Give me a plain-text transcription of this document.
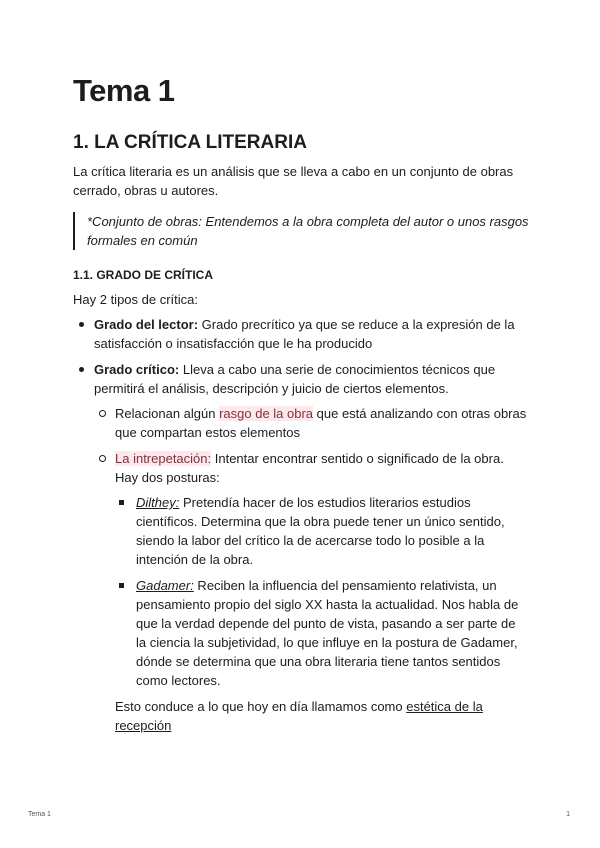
Tema 1
1. LA CRÍTICA LITERARIA

La crítica literaria es un análisis que se lleva a cabo en un conjunto de obras cerrado, obras u autores.

*Conjunto de obras: Entendemos a la obra completa del autor o unos rasgos formales en común

1.1. GRADO DE CRÍTICA

Hay 2 tipos de crítica:

Grado del lector: Grado precrítico ya que se reduce a la expresión de la satisfacción o insatisfacción que le ha producido
Grado crítico: Lleva a cabo una serie de conocimientos técnicos que permitirá el análisis, descripción y juicio de ciertos elementos.
Relacionan algún rasgo de la obra que está analizando con otras obras que compartan estos elementos
La intrepetación: Intentar encontrar sentido o significado de la obra. Hay dos posturas:
Dilthey: Pretendía hacer de los estudios literarios estudios científicos. Determina que la obra puede tener un único sentido, siendo la labor del crítico la de acercarse todo lo posible a la intención de la obra.
Gadamer: Reciben la influencia del pensamiento relativista, un pensamiento propio del siglo XX hasta la actualidad. Nos habla de que la verdad depende del punto de vista, pasando a ser parte de la ciencia la subjetividad, lo que influye en la postura de Gadamer, dónde se determina que una obra literaria tiene tantos sentidos como lectores.

Esto conduce a lo que hoy en día llamamos como estética de la recepción

Tema 1	1
